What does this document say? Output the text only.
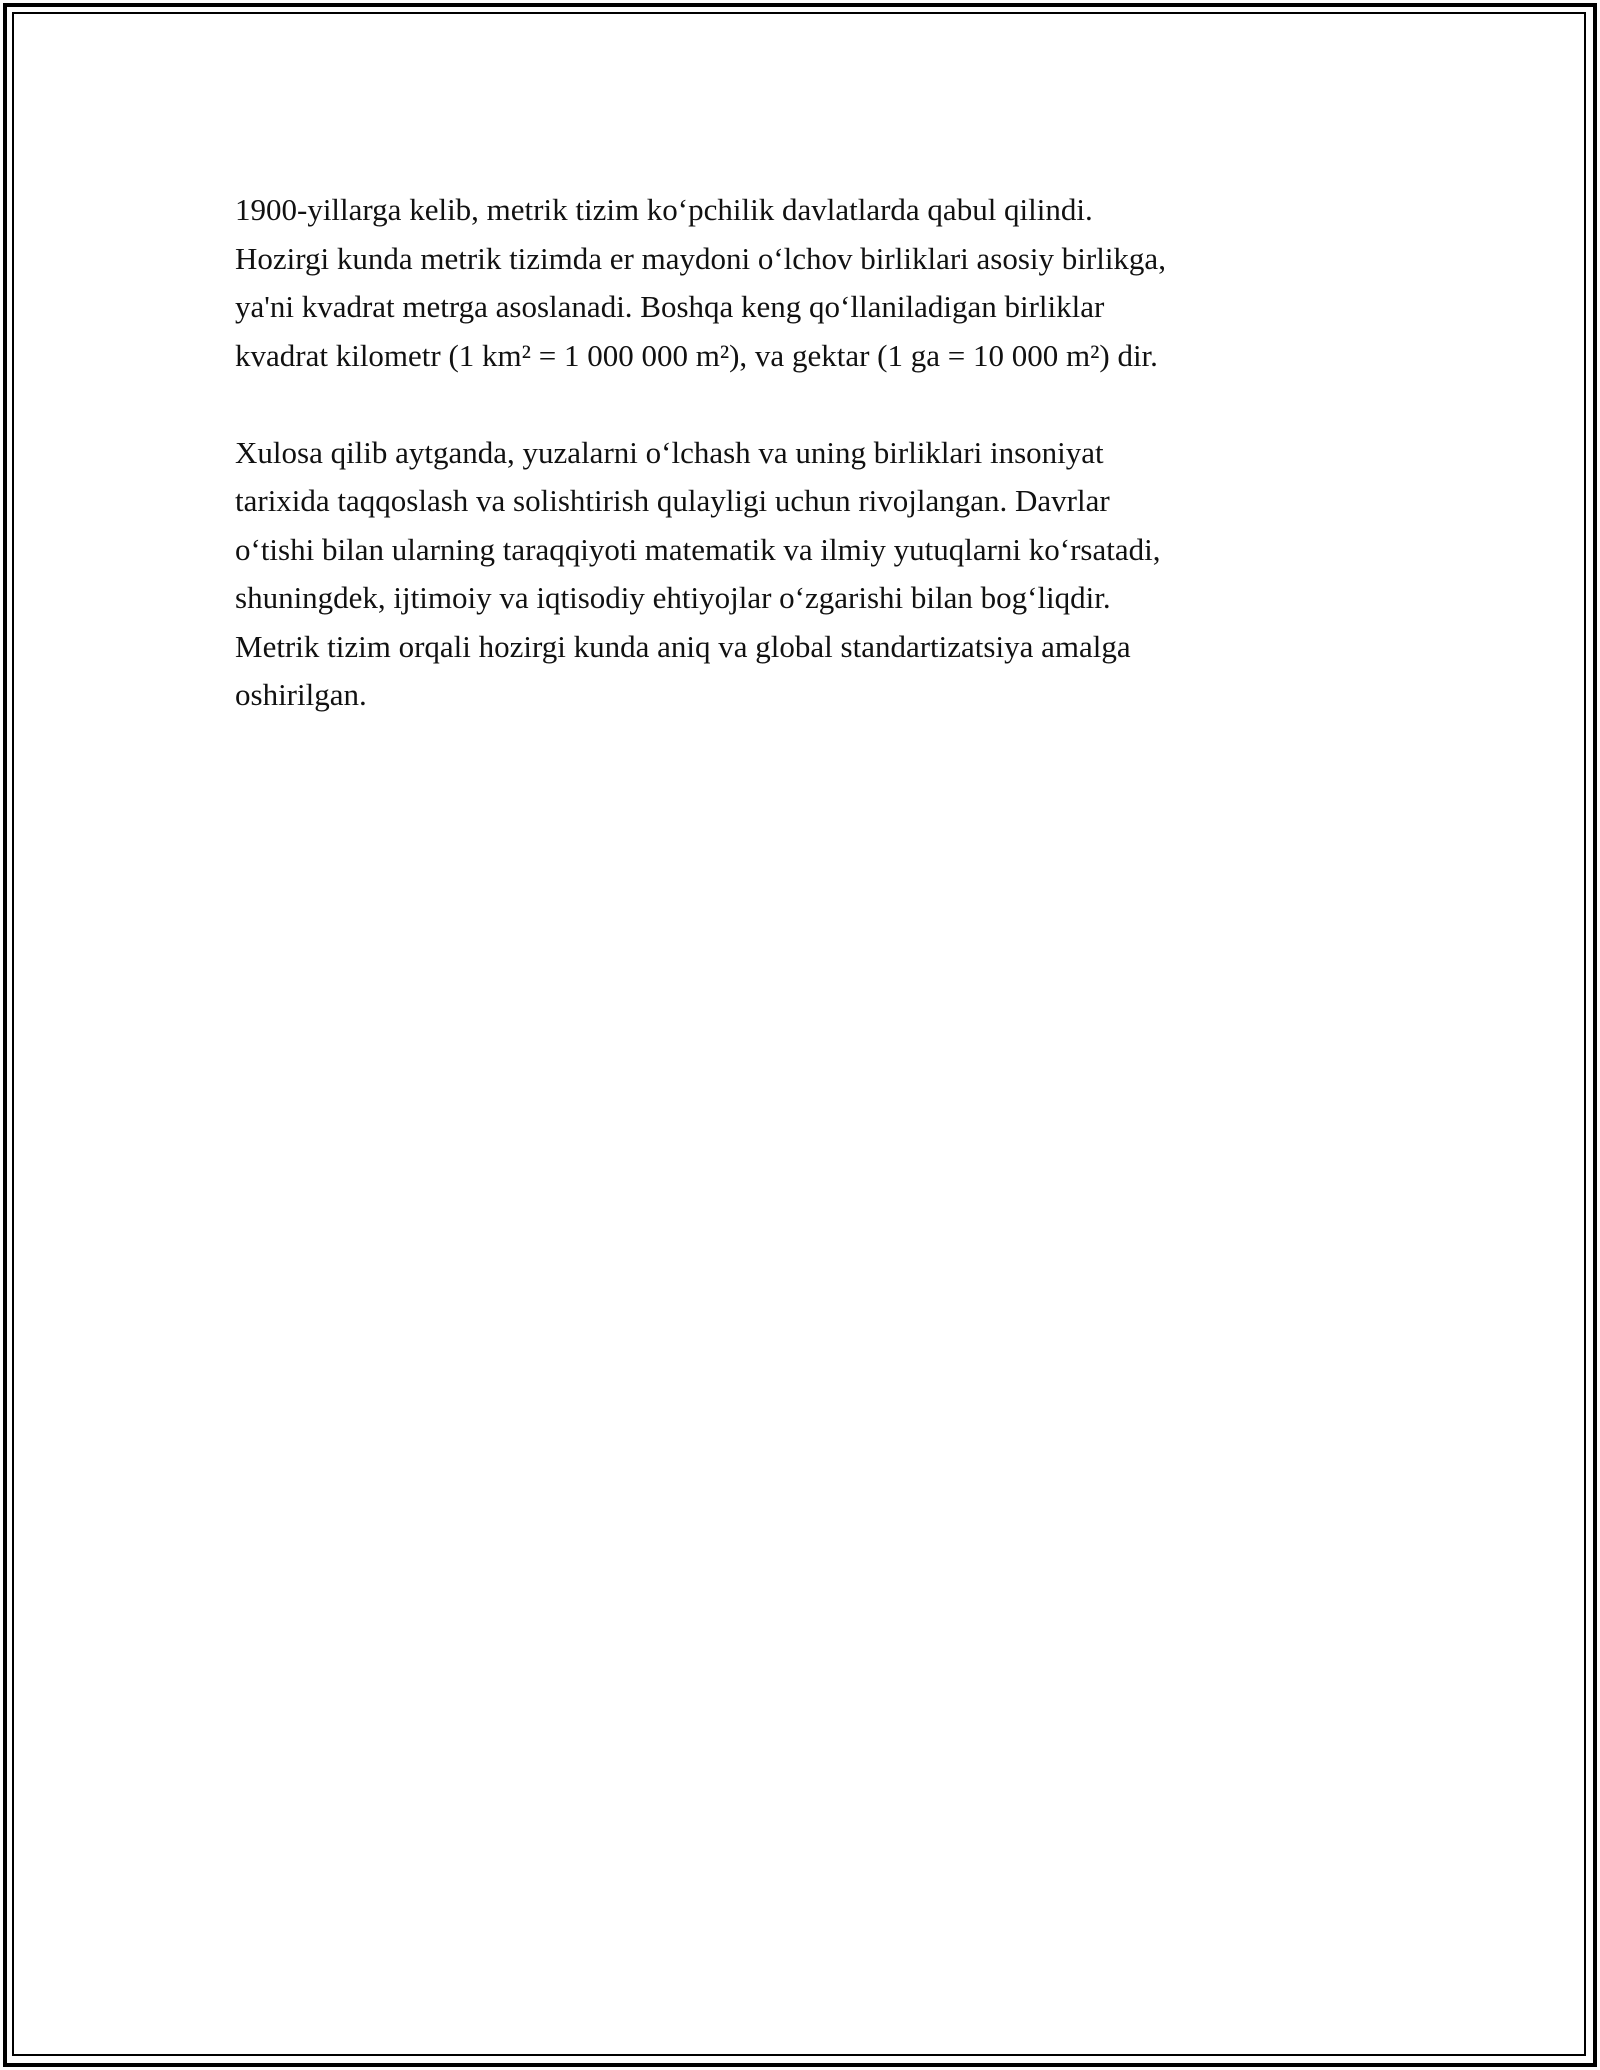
1900-yillarga kelib, metrik tizim ko‘pchilik davlatlarda qabul qilindi.
Hozirgi kunda metrik tizimda er maydoni o‘lchov birliklari asosiy birlikga,
ya'ni kvadrat metrga asoslanadi. Boshqa keng qo‘llaniladigan birliklar
kvadrat kilometr (1 km² = 1 000 000 m²), va gektar (1 ga = 10 000 m²) dir.

Xulosa qilib aytganda, yuzalarni o‘lchash va uning birliklari insoniyat
tarixida taqqoslash va solishtirish qulayligi uchun rivojlangan. Davrlar
o‘tishi bilan ularning taraqqiyoti matematik va ilmiy yutuqlarni ko‘rsatadi,
shuningdek, ijtimoiy va iqtisodiy ehtiyojlar o‘zgarishi bilan bog‘liqdir.
Metrik tizim orqali hozirgi kunda aniq va global standartizatsiya amalga
oshirilgan.
